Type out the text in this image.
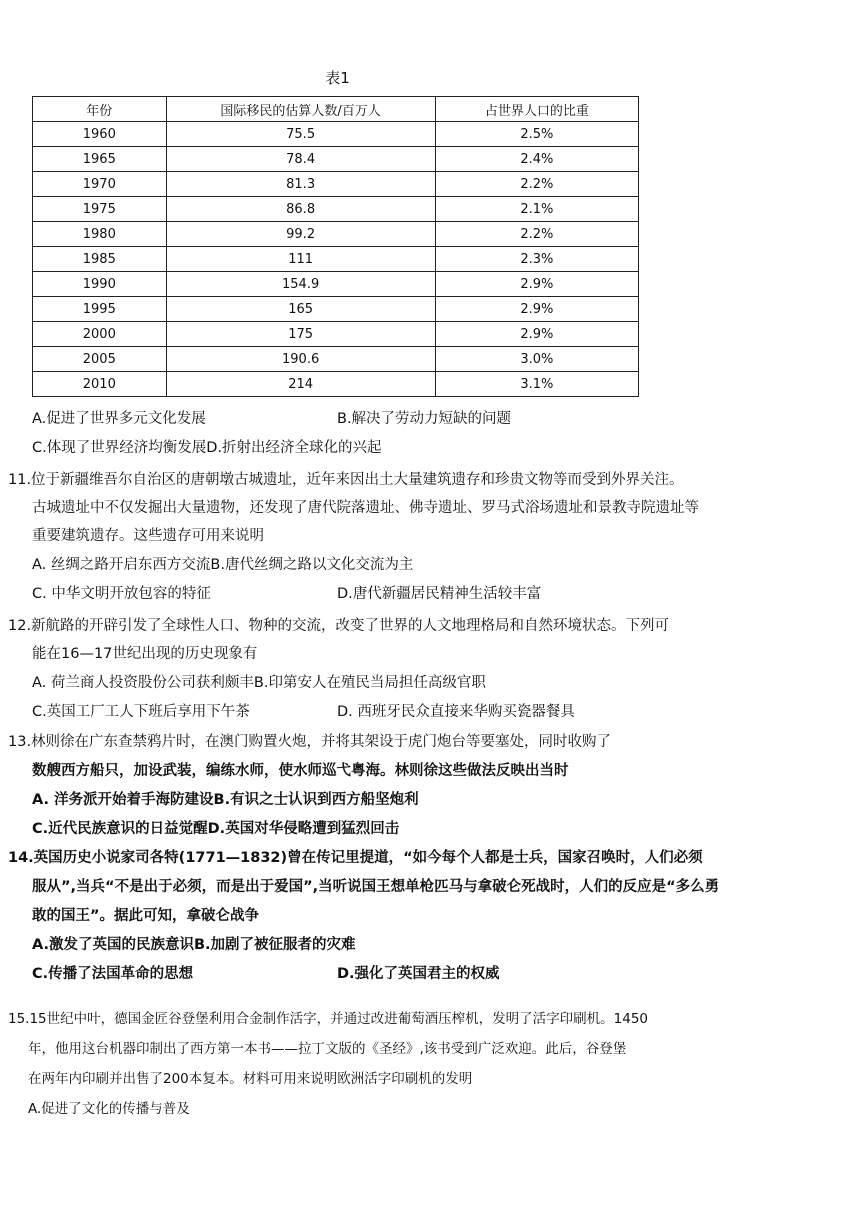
表1
年份	国际移民的估算人数/百万人	占世界人口的比重
1960	75.5	2.5%
1965	78.4	2.4%
1970	81.3	2.2%
1975	86.8	2.1%
1980	99.2	2.2%
1985	111	2.3%
1990	154.9	2.9%
1995	165	2.9%
2000	175	2.9%
2005	190.6	3.0%
2010	214	3.1%
A.促进了世界多元文化发展	B.解决了劳动力短缺的问题
C.体现了世界经济均衡发展D.折射出经济全球化的兴起
11.位于新疆维吾尔自治区的唐朝墩古城遗址，近年来因出土大量建筑遗存和珍贵文物等而受到外界关注。
古城遗址中不仅发掘出大量遗物，还发现了唐代院落遗址、佛寺遗址、罗马式浴场遗址和景教寺院遗址等
重要建筑遗存。这些遗存可用来说明
A. 丝绸之路开启东西方交流B.唐代丝绸之路以文化交流为主
C. 中华文明开放包容的特征	D.唐代新疆居民精神生活较丰富
12.新航路的开辟引发了全球性人口、物种的交流，改变了世界的人文地理格局和自然环境状态。下列可
能在16—17世纪出现的历史现象有
A. 荷兰商人投资股份公司获利颇丰B.印第安人在殖民当局担任高级官职
C.英国工厂工人下班后享用下午茶	D. 西班牙民众直接来华购买瓷器餐具
13.林则徐在广东查禁鸦片时，在澳门购置火炮，并将其架设于虎门炮台等要塞处，同时收购了
数艘西方船只，加设武装，编练水师，使水师巡弋粤海。林则徐这些做法反映出当时
A. 洋务派开始着手海防建设B.有识之士认识到西方船坚炮利
C.近代民族意识的日益觉醒D.英国对华侵略遭到猛烈回击
14.英国历史小说家司各特(1771—1832)曾在传记里提道，“如今每个人都是士兵，国家召唤时，人们必须
服从”,当兵“不是出于必须，而是出于爱国”,当听说国王想单枪匹马与拿破仑死战时，人们的反应是“多么勇
敢的国王”。据此可知，拿破仑战争
A.激发了英国的民族意识B.加剧了被征服者的灾难
C.传播了法国革命的思想	D.强化了英国君主的权威
15.15世纪中叶，德国金匠谷登堡利用合金制作活字，并通过改进葡萄酒压榨机，发明了活字印刷机。1450
年，他用这台机器印制出了西方第一本书——拉丁文版的《圣经》,该书受到广泛欢迎。此后，谷登堡
在两年内印刷并出售了200本复本。材料可用来说明欧洲活字印刷机的发明
A.促进了文化的传播与普及
